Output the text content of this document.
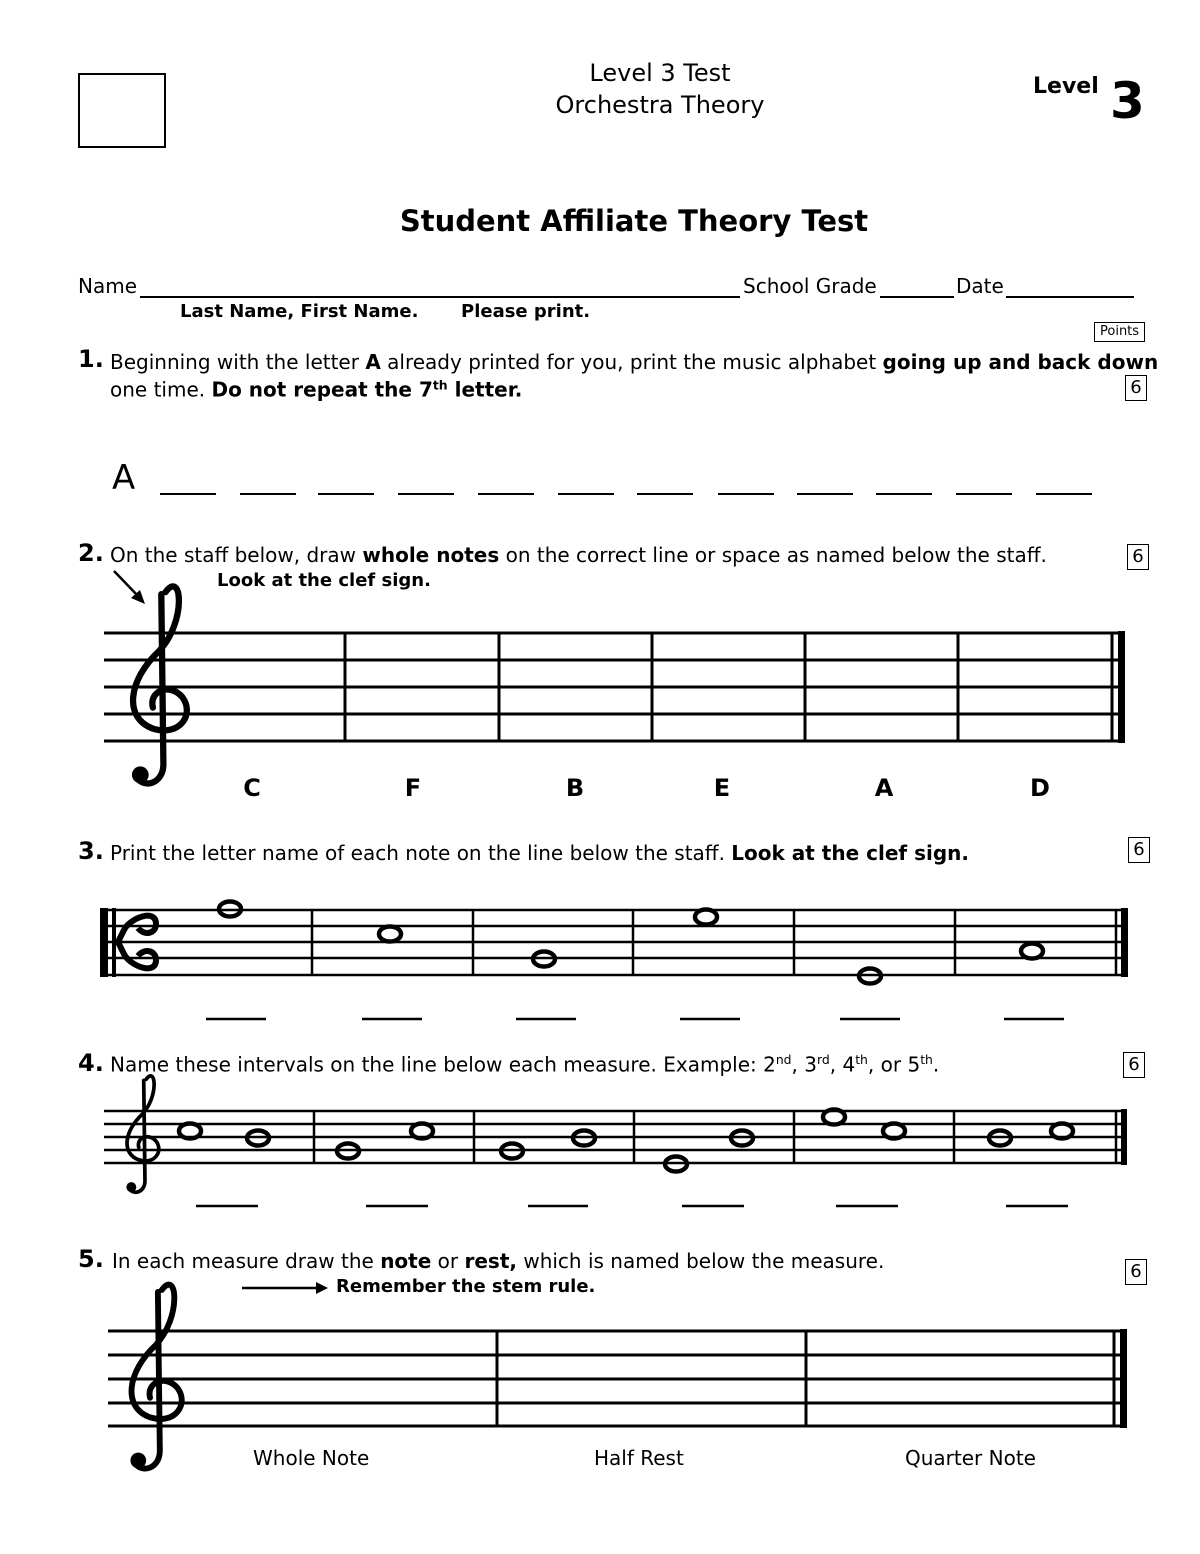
Level 3 Test
Orchestra Theory
Level 3
Student Affiliate Theory Test
Name	School Grade	Date
Last Name, First Name. Please print.
Points
1. Beginning with the letter A already printed for you, print the music alphabet going up and back down
one time. Do not repeat the 7th letter.	6
A
2. On the staff below, draw whole notes on the correct line or space as named below the staff.
Look at the clef sign.
6
C	F	B	E	A	D
3. Print the letter name of each note on the line below the staff. Look at the clef sign.	6
4. Name these intervals on the line below each measure. Example: 2nd, 3rd, 4th, or 5th.	6
5. In each measure draw the note or rest, which is named below the measure.
Remember the stem rule.
6
Whole Note	Half Rest	Quarter Note
